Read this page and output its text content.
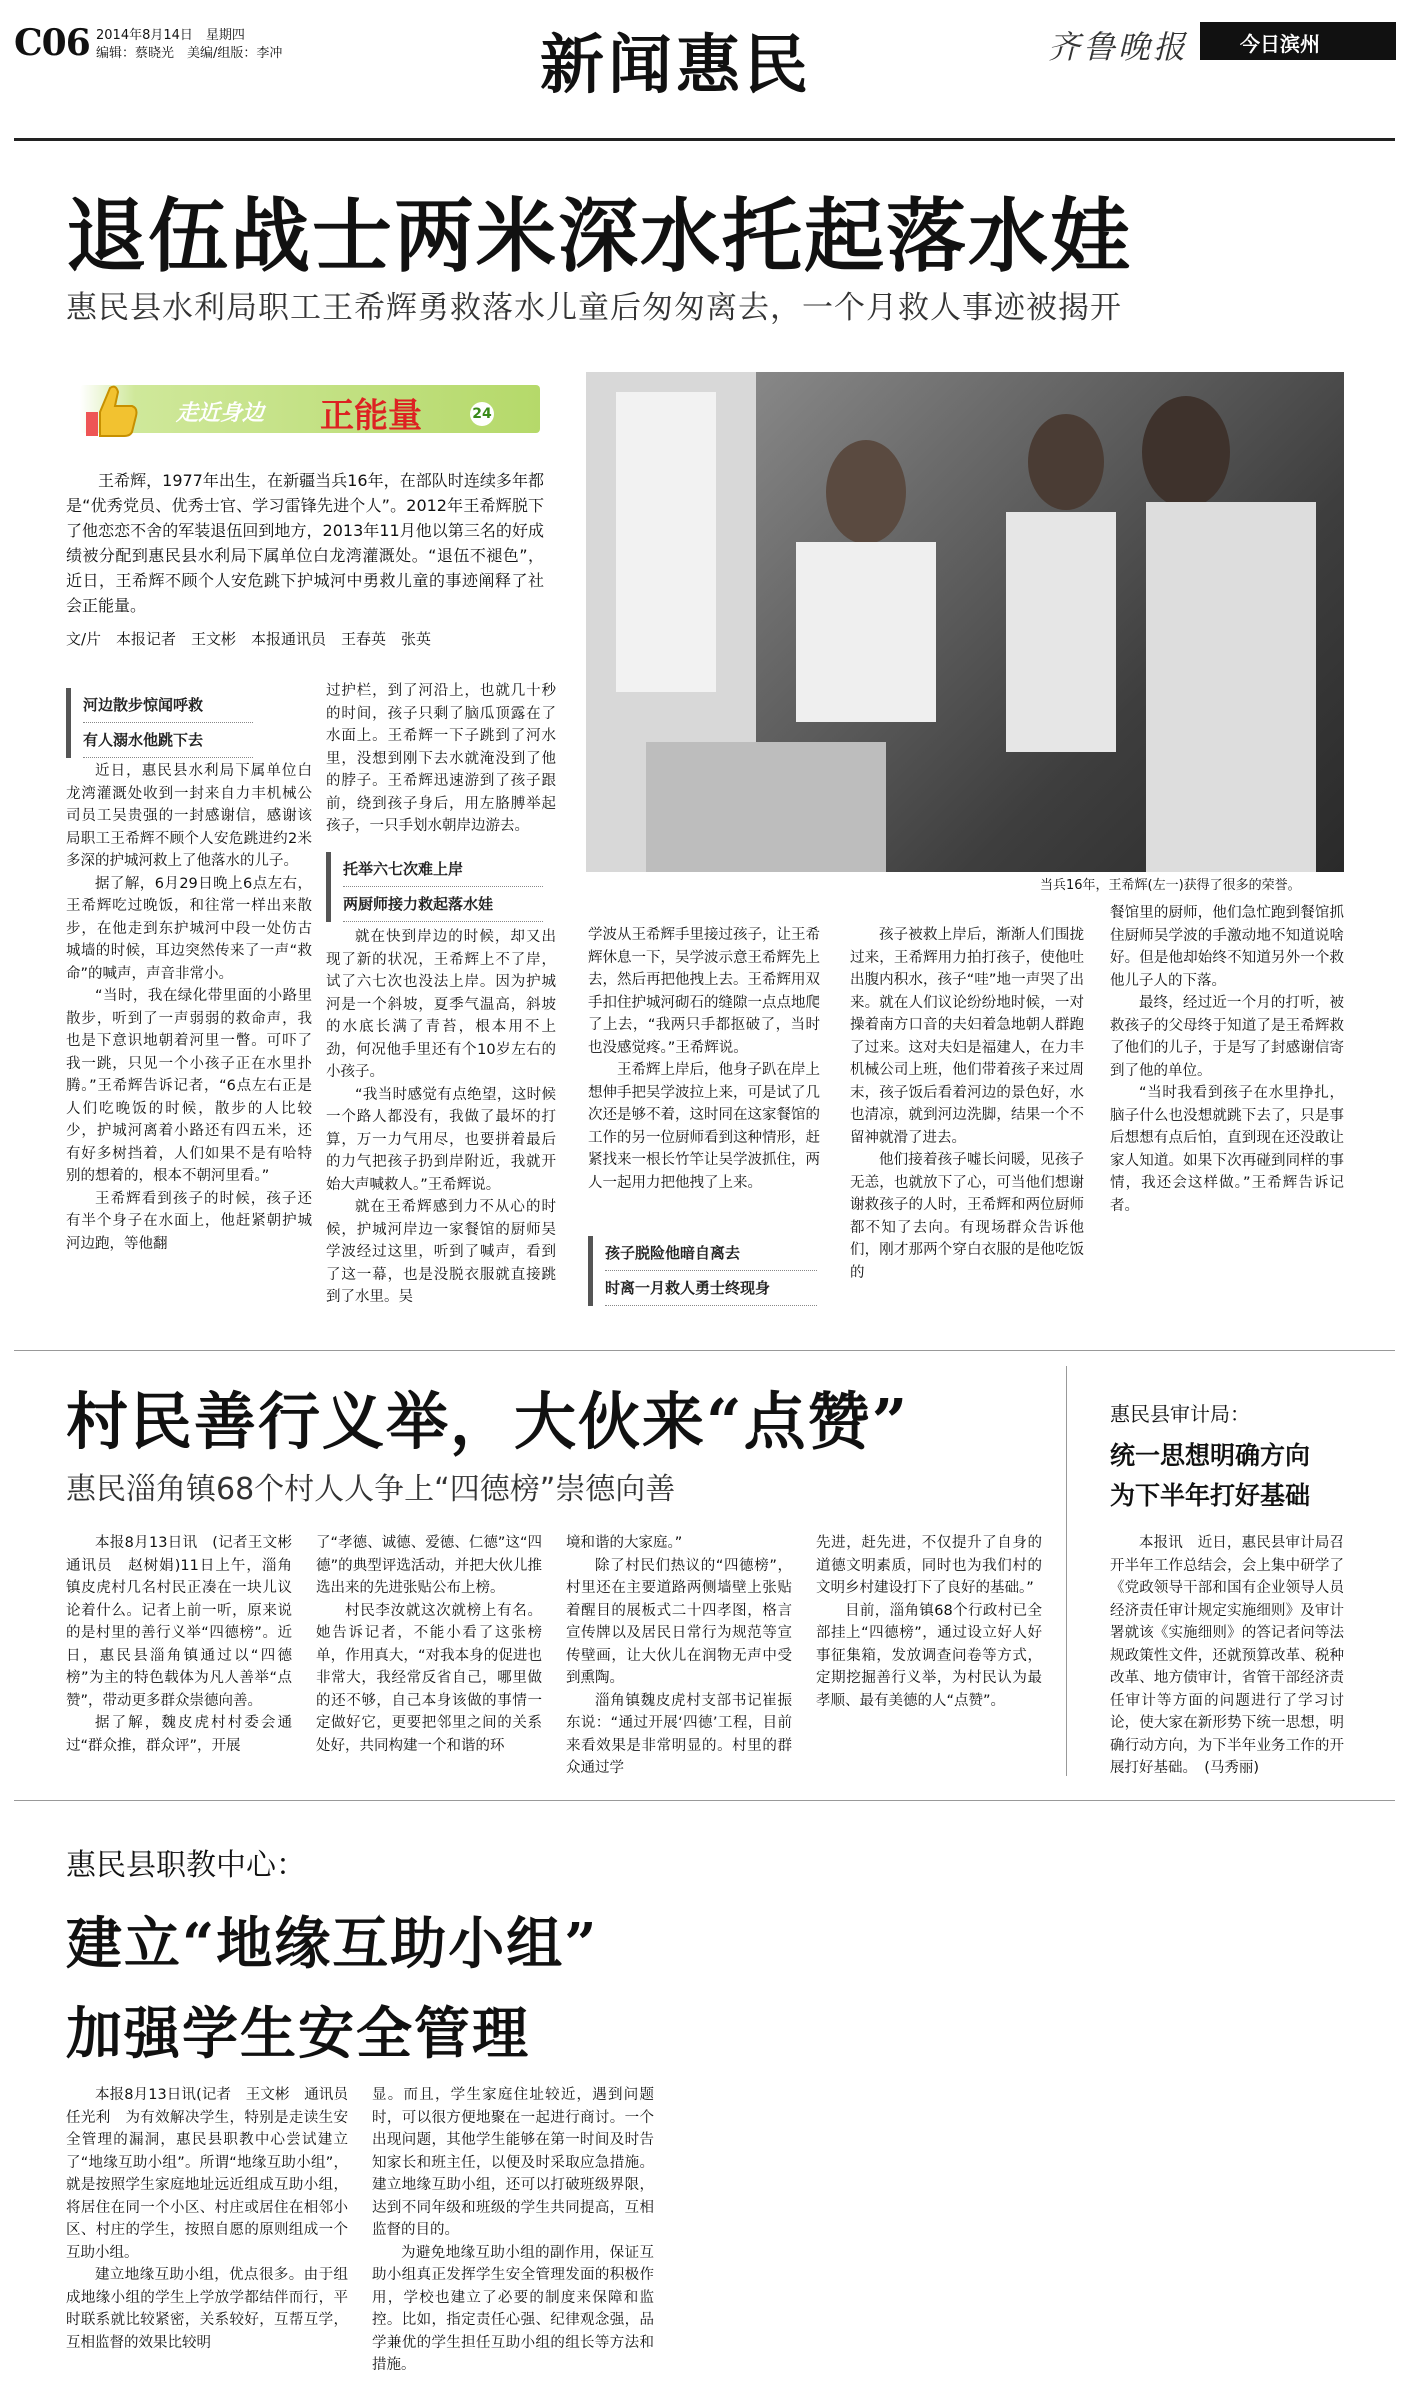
C06 2014年8月14日　星期四
编辑：蔡晓光　美编/组版：李冲	新闻惠民	齐鲁晚报	今日滨州
退伍战士两米深水托起落水娃
惠民县水利局职工王希辉勇救落水儿童后匆匆离去，一个月救人事迹被揭开
走近身边 正能量	24

王希辉，1977年出生，在新疆当兵16年，在部队时连续多年都是“优秀党员、优秀士官、学习雷锋先进个人”。2012年王希辉脱下了他恋恋不舍的军装退伍回到地方，2013年11月他以第三名的好成绩被分配到惠民县水利局下属单位白龙湾灌溉处。“退伍不褪色”，近日，王希辉不顾个人安危跳下护城河中勇救儿童的事迹阐释了社会正能量。

文/片　本报记者　王文彬　本报通讯员　王春英　张英
当兵16年，王希辉(左一)获得了很多的荣誉。
河边散步惊闻呼救
有人溺水他跳下去

近日，惠民县水利局下属单位白龙湾灌溉处收到一封来自力丰机械公司员工吴贵强的一封感谢信，感谢该局职工王希辉不顾个人安危跳进约2米多深的护城河救上了他落水的儿子。

据了解，6月29日晚上6点左右，王希辉吃过晚饭，和往常一样出来散步，在他走到东护城河中段一处仿古城墙的时候，耳边突然传来了一声“救命”的喊声，声音非常小。

“当时，我在绿化带里面的小路里散步，听到了一声弱弱的救命声，我也是下意识地朝着河里一瞥。可吓了我一跳，只见一个小孩子正在水里扑腾。”王希辉告诉记者，“6点左右正是人们吃晚饭的时候，散步的人比较少，护城河离着小路还有四五米，还有好多树挡着，人们如果不是有哈特别的想着的，根本不朝河里看。”

王希辉看到孩子的时候，孩子还有半个身子在水面上，他赶紧朝护城河边跑，等他翻

过护栏，到了河沿上，也就几十秒的时间，孩子只剩了脑瓜顶露在了水面上。王希辉一下子跳到了河水里，没想到刚下去水就淹没到了他的脖子。王希辉迅速游到了孩子跟前，绕到孩子身后，用左胳膊举起孩子，一只手划水朝岸边游去。

托举六七次难上岸
两厨师接力救起落水娃

就在快到岸边的时候，却又出现了新的状况，王希辉上不了岸，试了六七次也没法上岸。因为护城河是一个斜坡，夏季气温高，斜坡的水底长满了青苔，根本用不上劲，何况他手里还有个10岁左右的小孩子。

“我当时感觉有点绝望，这时候一个路人都没有，我做了最坏的打算，万一力气用尽，也要拼着最后的力气把孩子扔到岸附近，我就开始大声喊救人。”王希辉说。

就在王希辉感到力不从心的时候，护城河岸边一家餐馆的厨师吴学波经过这里，听到了喊声，看到了这一幕，也是没脱衣服就直接跳到了水里。吴

学波从王希辉手里接过孩子，让王希辉休息一下，吴学波示意王希辉先上去，然后再把他拽上去。王希辉用双手扣住护城河砌石的缝隙一点点地爬了上去，“我两只手都抠破了，当时也没感觉疼。”王希辉说。

王希辉上岸后，他身子趴在岸上想伸手把吴学波拉上来，可是试了几次还是够不着，这时同在这家餐馆的工作的另一位厨师看到这种情形，赶紧找来一根长竹竿让吴学波抓住，两人一起用力把他拽了上来。

孩子脱险他暗自离去
时离一月救人勇士终现身

孩子被救上岸后，渐渐人们围拢过来，王希辉用力拍打孩子，使他吐出腹内积水，孩子“哇”地一声哭了出来。就在人们议论纷纷地时候，一对操着南方口音的夫妇着急地朝人群跑了过来。这对夫妇是福建人，在力丰机械公司上班，他们带着孩子来过周末，孩子饭后看着河边的景色好，水也清凉，就到河边洗脚，结果一个不留神就滑了进去。

他们接着孩子嘘长问暖，见孩子无恙，也就放下了心，可当他们想谢谢救孩子的人时，王希辉和两位厨师都不知了去向。有现场群众告诉他们，刚才那两个穿白衣服的是他吃饭的

餐馆里的厨师，他们急忙跑到餐馆抓住厨师吴学波的手激动地不知道说啥好。但是他却始终不知道另外一个救他儿子人的下落。

最终，经过近一个月的打听，被救孩子的父母终于知道了是王希辉救了他们的儿子，于是写了封感谢信寄到了他的单位。

“当时我看到孩子在水里挣扎，脑子什么也没想就跳下去了，只是事后想想有点后怕，直到现在还没敢让家人知道。如果下次再碰到同样的事情，我还会这样做。”王希辉告诉记者。

村民善行义举，大伙来“点赞”
惠民淄角镇68个村人人争上“四德榜”崇德向善

本报8月13日讯　(记者王文彬　通讯员　赵树娟)11日上午，淄角镇皮虎村几名村民正凑在一块儿议论着什么。记者上前一听，原来说的是村里的善行义举“四德榜”。近日，惠民县淄角镇通过以“四德榜”为主的特色载体为凡人善举“点赞”，带动更多群众崇德向善。

据了解，魏皮虎村村委会通过“群众推，群众评”，开展

了“孝德、诚德、爱德、仁德”这“四德”的典型评选活动，并把大伙儿推选出来的先进张贴公布上榜。

村民李汝就这次就榜上有名。她告诉记者，不能小看了这张榜单，作用真大，“对我本身的促进也非常大，我经常反省自己，哪里做的还不够，自己本身该做的事情一定做好它，更要把邻里之间的关系处好，共同构建一个和谐的环

境和谐的大家庭。”

除了村民们热议的“四德榜”，村里还在主要道路两侧墙壁上张贴着醒目的展板式二十四孝图，格言宣传牌以及居民日常行为规范等宣传壁画，让大伙儿在润物无声中受到熏陶。

淄角镇魏皮虎村支部书记崔振东说：“通过开展‘四德’工程，目前来看效果是非常明显的。村里的群众通过学

先进，赶先进，不仅提升了自身的道德文明素质，同时也为我们村的文明乡村建设打下了良好的基础。”

目前，淄角镇68个行政村已全部挂上“四德榜”，通过设立好人好事征集箱，发放调查问卷等方式，定期挖掘善行义举，为村民认为最孝顺、最有美德的人“点赞”。

惠民县审计局：
统一思想明确方向
为下半年打好基础

本报讯　近日，惠民县审计局召开半年工作总结会，会上集中研学了《党政领导干部和国有企业领导人员经济责任审计规定实施细则》及审计署就该《实施细则》的答记者问等法规政策性文件，还就预算改革、税种改革、地方债审计，省管干部经济责任审计等方面的问题进行了学习讨论，使大家在新形势下统一思想，明确行动方向，为下半年业务工作的开展打好基础。　(马秀丽)

惠民县职教中心：
建立“地缘互助小组”
加强学生安全管理

本报8月13日讯(记者　王文彬　通讯员　任光利　为有效解决学生，特别是走读生安全管理的漏洞，惠民县职教中心尝试建立了“地缘互助小组”。所谓“地缘互助小组”，就是按照学生家庭地址远近组成互助小组，将居住在同一个小区、村庄或居住在相邻小区、村庄的学生，按照自愿的原则组成一个互助小组。

建立地缘互助小组，优点很多。由于组成地缘小组的学生上学放学都结伴而行，平时联系就比较紧密，关系较好，互帮互学，互相监督的效果比较明

显。而且，学生家庭住址较近，遇到问题时，可以很方便地聚在一起进行商讨。一个出现问题，其他学生能够在第一时间及时告知家长和班主任，以便及时采取应急措施。建立地缘互助小组，还可以打破班级界限，达到不同年级和班级的学生共同提高，互相监督的目的。

为避免地缘互助小组的副作用，保证互助小组真正发挥学生安全管理发面的积极作用，学校也建立了必要的制度来保障和监控。比如，指定责任心强、纪律观念强，品学兼优的学生担任互助小组的组长等方法和措施。
